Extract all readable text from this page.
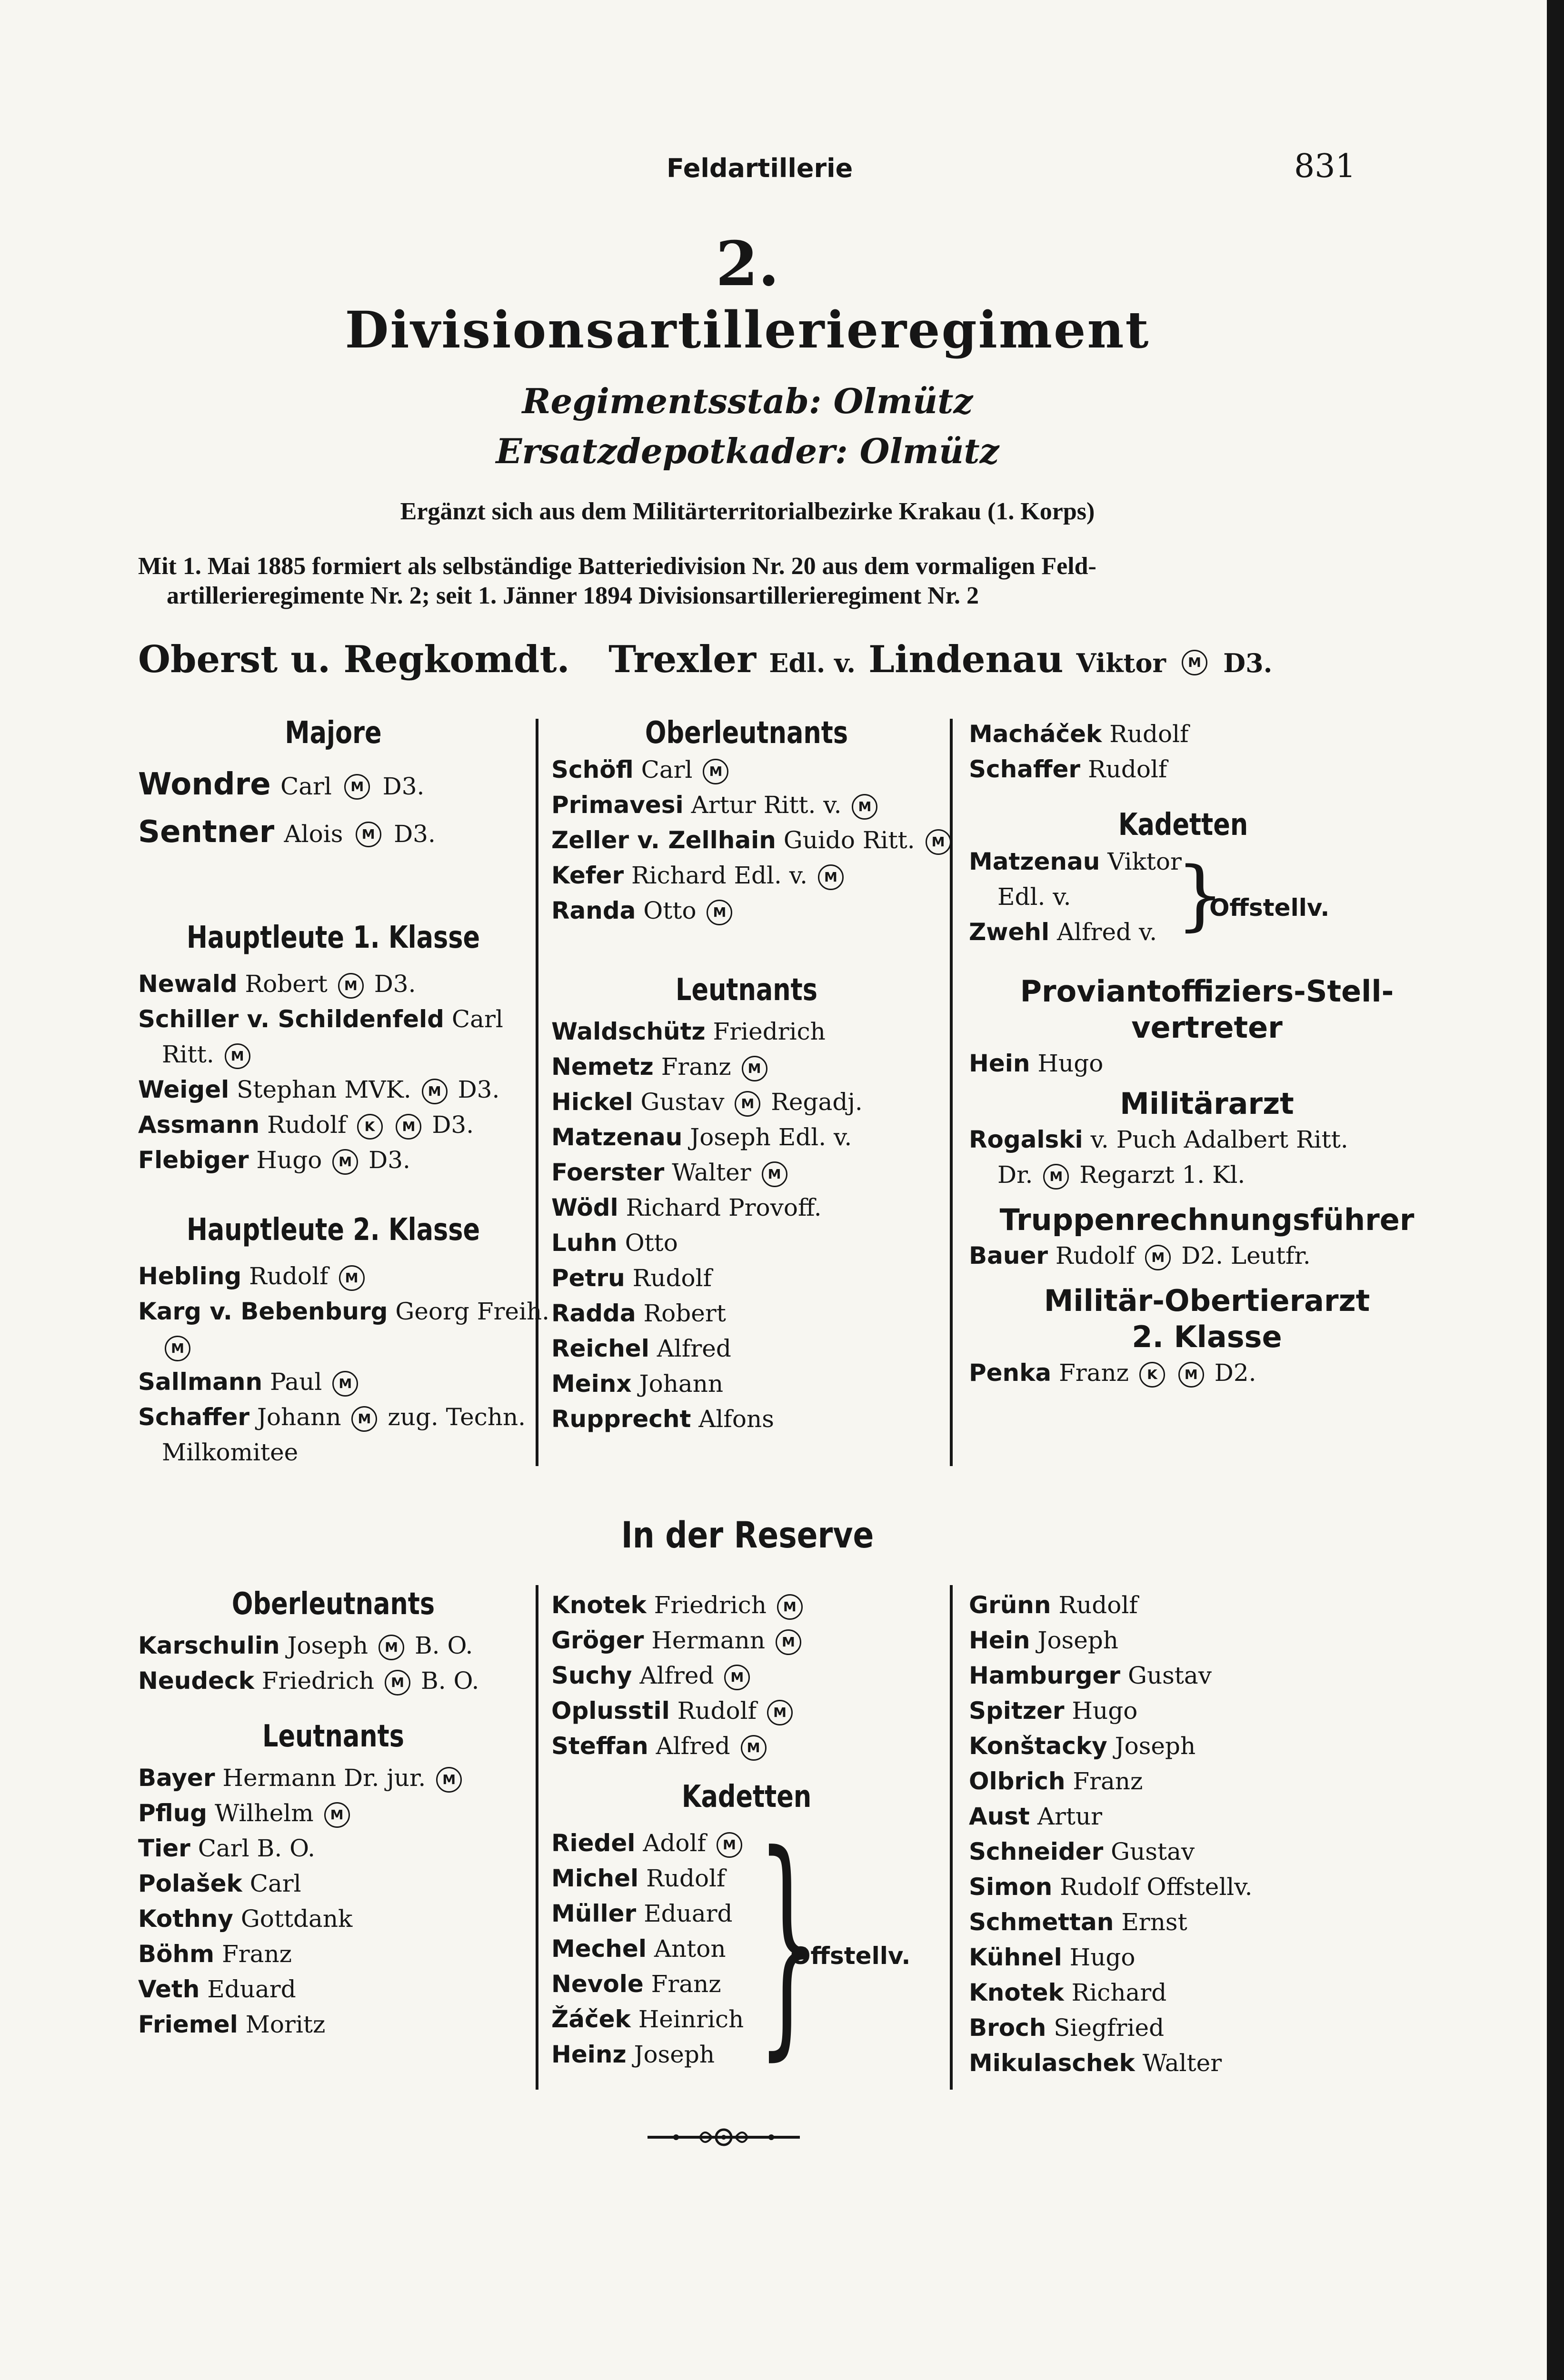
Feldartillerie	831
2.
Divisionsartillerieregiment
Regimentsstab: Olmütz
Ersatzdepotkader: Olmütz
Ergänzt sich aus dem Militärterritorialbezirke Krakau (1. Korps)
Mit 1. Mai 1885 formiert als selbständige Batteriedivision Nr. 20 aus dem vormaligen Feld-
artillerieregimente Nr. 2; seit 1. Jänner 1894 Divisionsartillerieregiment Nr. 2
Oberst u. Regkomdt. Trexler Edl. v. Lindenau Viktor M D3.
Majore
Wondre Carl M D3.
Sentner Alois M D3.
Hauptleute 1. Klasse
Newald Robert M D3.
Schiller v. Schildenfeld Carl
Ritt. M
Weigel Stephan MVK. M D3.
Assmann Rudolf K M D3.
Flebiger Hugo M D3.
Hauptleute 2. Klasse
Hebling Rudolf M
Karg v. Bebenburg Georg Freih.
M
Sallmann Paul M
Schaffer Johann M zug. Techn.
Milkomitee
Oberleutnants
Schöfl Carl M
Primavesi Artur Ritt. v. M
Zeller v. Zellhain Guido Ritt. M
Kefer Richard Edl. v. M
Randa Otto M
Leutnants
Waldschütz Friedrich
Nemetz Franz M
Hickel Gustav M Regadj.
Matzenau Joseph Edl. v.
Foerster Walter M
Wödl Richard Provoff.
Luhn Otto
Petru Rudolf
Radda Robert
Reichel Alfred
Meinx Johann
Rupprecht Alfons
Macháček Rudolf
Schaffer Rudolf
Kadetten
Matzenau Viktor
Edl. v.
Zwehl Alfred v.
Proviantoffiziers-Stell-
vertreter
Hein Hugo
Militärarzt
Rogalski v. Puch Adalbert Ritt.
Dr. M Regarzt 1. Kl.
Truppenrechnungsführer
Bauer Rudolf M D2. Leutfr.
Militär-Obertierarzt
2. Klasse
Penka Franz K M D2.
}
Offstellv.
In der Reserve
Oberleutnants
Karschulin Joseph M B. O.
Neudeck Friedrich M B. O.
Leutnants
Bayer Hermann Dr. jur. M
Pflug Wilhelm M
Tier Carl B. O.
Polašek Carl
Kothny Gottdank
Böhm Franz
Veth Eduard
Friemel Moritz
Knotek Friedrich M
Gröger Hermann M
Suchy Alfred M
Oplusstil Rudolf M
Steffan Alfred M
Kadetten
Riedel Adolf M
Michel Rudolf
Müller Eduard
Mechel Anton
Nevole Franz
Žáček Heinrich
Heinz Joseph }
Offstellv.
Grünn Rudolf
Hein Joseph
Hamburger Gustav
Spitzer Hugo
Konštacky Joseph
Olbrich Franz
Aust Artur
Schneider Gustav
Simon Rudolf Offstellv.
Schmettan Ernst
Kühnel Hugo
Knotek Richard
Broch Siegfried
Mikulaschek Walter
